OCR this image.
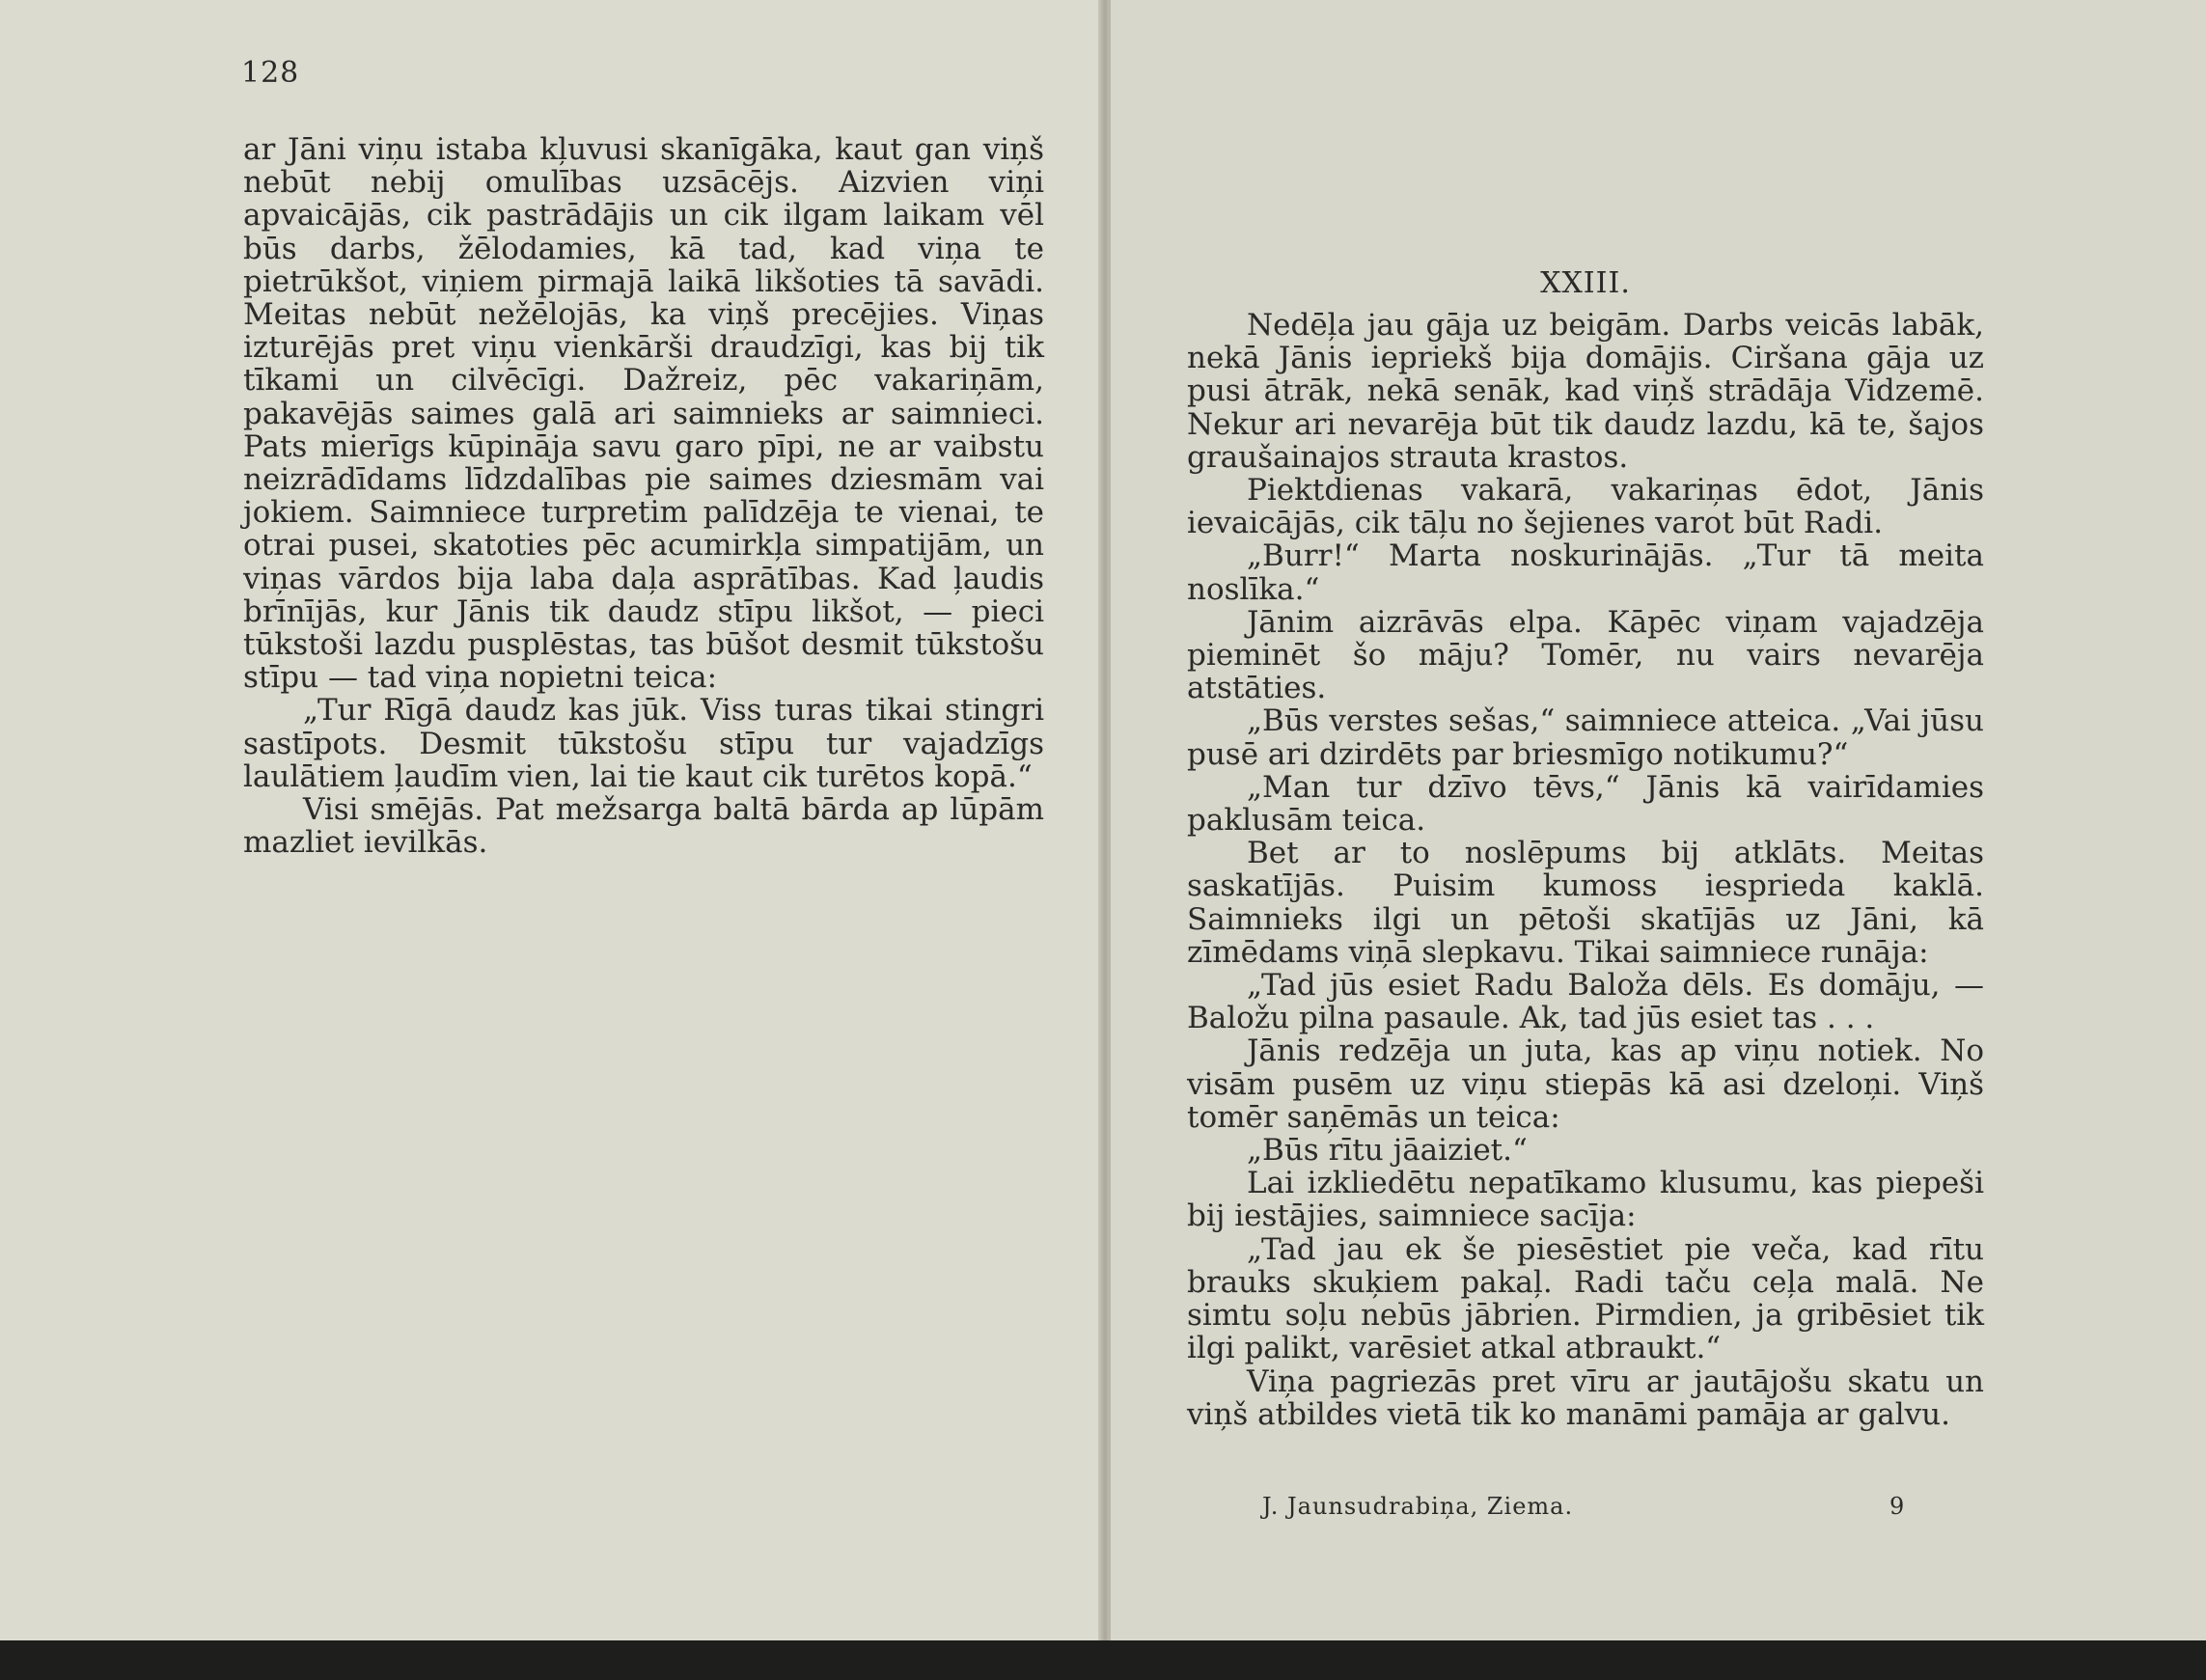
128

ar Jāni viņu istaba kļuvusi skanīgāka, kaut gan viņš nebūt nebij omulības uzsācējs. Aizvien viņi apvaicājās, cik pastrādājis un cik ilgam laikam vēl būs darbs, žēlodamies, kā tad, kad viņa te pietrūkšot, viņiem pirmajā laikā likšoties tā savādi. Meitas nebūt nežēlojās, ka viņš precējies. Viņas izturējās pret viņu vienkārši draudzīgi, kas bij tik tīkami un cilvēcīgi. Dažreiz, pēc vakariņām, pakavējās saimes galā ari saimnieks ar saimnieci. Pats mierīgs kūpināja savu garo pīpi, ne ar vaibstu neizrādīdams līdzdalības pie saimes dziesmām vai jokiem. Saimniece turpretim palīdzēja te vienai, te otrai pusei, skatoties pēc acumirkļa simpatijām, un viņas vārdos bija laba daļa asprātības. Kad ļaudis brīnījās, kur Jānis tik daudz stīpu likšot, — pieci tūkstoši lazdu pusplēstas, tas būšot desmit tūkstošu stīpu — tad viņa nopietni teica:

„Tur Rīgā daudz kas jūk. Viss turas tikai stingri sastīpots. Desmit tūkstošu stīpu tur vajadzīgs laulātiem ļaudīm vien, lai tie kaut cik turētos kopā.“

Visi smējās. Pat mežsarga baltā bārda ap lūpām mazliet ievilkās.

XXIII.

Nedēļa jau gāja uz beigām. Darbs veicās labāk, nekā Jānis iepriekš bija domājis. Ciršana gāja uz pusi ātrāk, nekā senāk, kad viņš strādāja Vidzemē. Nekur ari nevarēja būt tik daudz lazdu, kā te, šajos graušainajos strauta krastos.

Piektdienas vakarā, vakariņas ēdot, Jānis ievaicājās, cik tāļu no šejienes varot būt Radi.

„Burr!“ Marta noskurinājās. „Tur tā meita noslīka.“

Jānim aizrāvās elpa. Kāpēc viņam vajadzēja pieminēt šo māju? Tomēr, nu vairs nevarēja atstāties.

„Būs verstes sešas,“ saimniece atteica. „Vai jūsu pusē ari dzirdēts par briesmīgo notikumu?“

„Man tur dzīvo tēvs,“ Jānis kā vairīdamies paklusām teica.

Bet ar to noslēpums bij atklāts. Meitas saskatījās. Puisim kumoss iesprieda kaklā. Saimnieks ilgi un pētoši skatījās uz Jāni, kā zīmēdams viņā slepkavu. Tikai saimniece runāja:

„Tad jūs esiet Radu Baloža dēls. Es domāju, — Baložu pilna pasaule. Ak, tad jūs esiet tas . . .

Jānis redzēja un juta, kas ap viņu notiek. No visām pusēm uz viņu stiepās kā asi dzeloņi. Viņš tomēr saņēmās un teica:

„Būs rītu jāaiziet.“

Lai izkliedētu nepatīkamo klusumu, kas piepeši bij iestājies, saimniece sacīja:

„Tad jau ek še piesēstiet pie veča, kad rītu brauks skuķiem pakaļ. Radi taču ceļa malā. Ne simtu soļu nebūs jābrien. Pirmdien, ja gribēsiet tik ilgi palikt, varēsiet atkal atbraukt.“

Viņa pagriezās pret vīru ar jautājošu skatu un viņš atbildes vietā tik ko manāmi pamāja ar galvu.

J. Jaunsudrabiņa, Ziema.	9
